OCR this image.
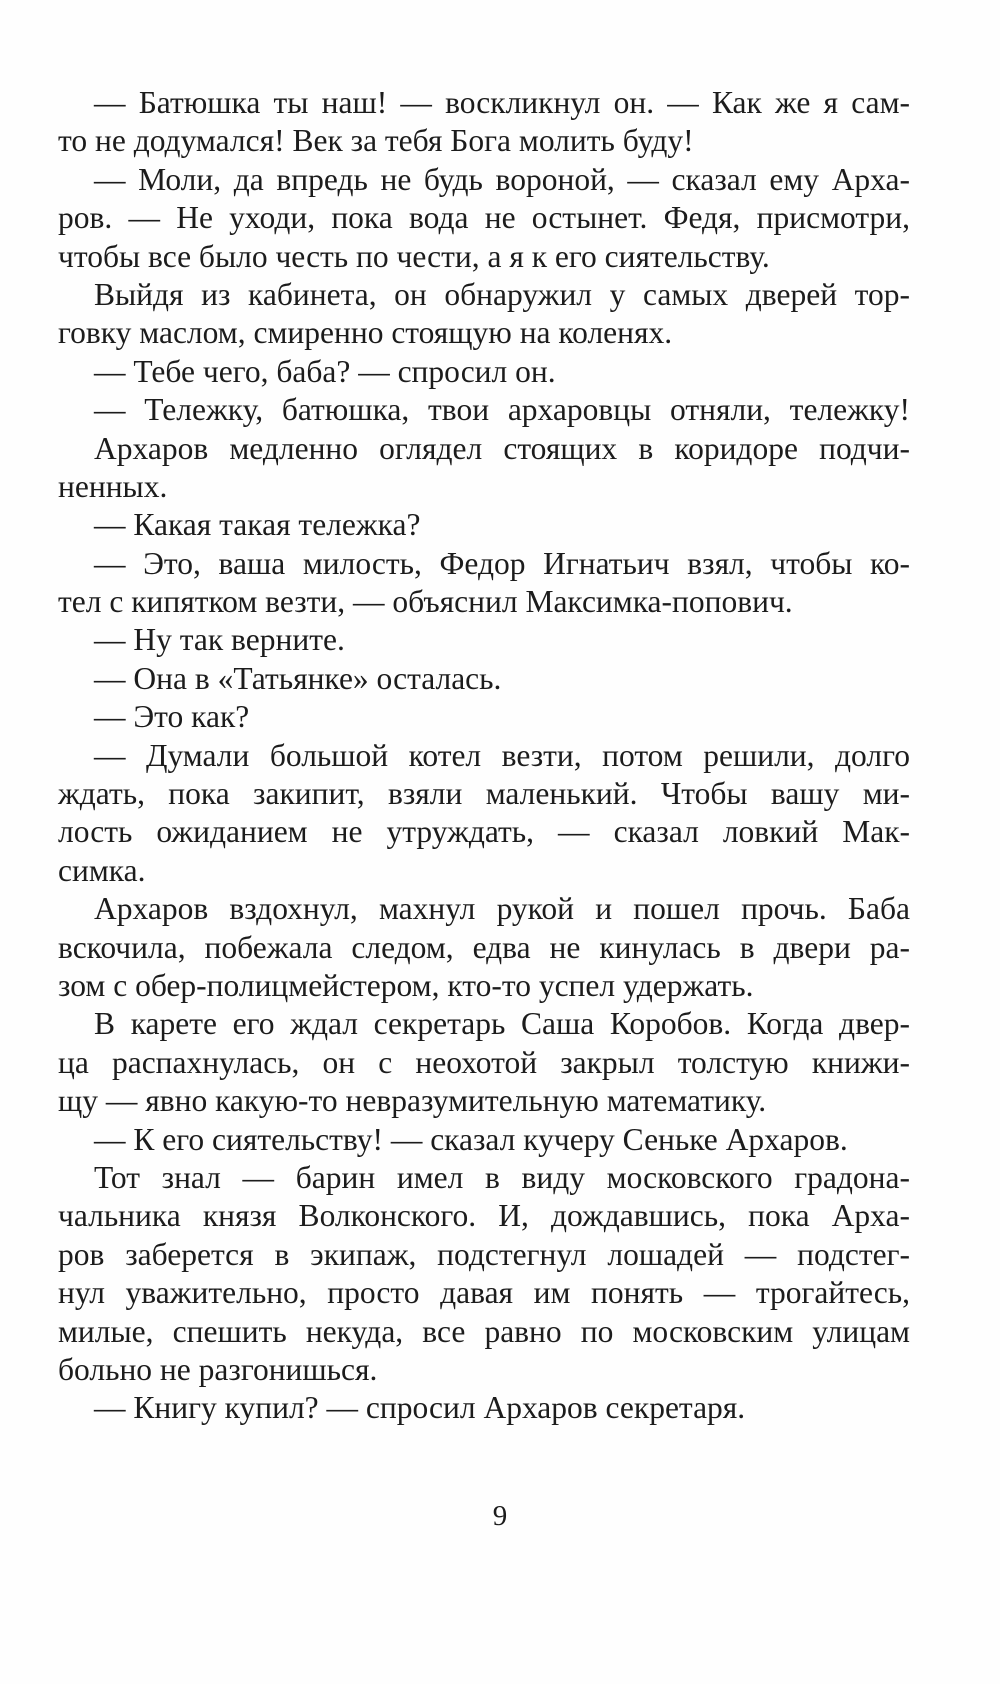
— Батюшка ты наш! — воскликнул он. — Как же я сам-
то не додумался! Век за тебя Бога молить буду!
— Моли, да впредь не будь вороной, — сказал ему Арха-
ров. — Не уходи, пока вода не остынет. Федя, присмотри,
чтобы все было честь по чести, а я к его сиятельству.
Выйдя из кабинета, он обнаружил у самых дверей тор-
говку маслом, смиренно стоящую на коленях.
— Тебе чего, баба? — спросил он.
— Тележку, батюшка, твои архаровцы отняли, тележку!
Архаров медленно оглядел стоящих в коридоре подчи-
ненных.
— Какая такая тележка?
— Это, ваша милость, Федор Игнатьич взял, чтобы ко-
тел с кипятком везти, — объяснил Максимка-попович.
— Ну так верните.
— Она в «Татьянке» осталась.
— Это как?
— Думали большой котел везти, потом решили, долго
ждать, пока закипит, взяли маленький. Чтобы вашу ми-
лость ожиданием не утруждать, — сказал ловкий Мак-
симка.
Архаров вздохнул, махнул рукой и пошел прочь. Баба
вскочила, побежала следом, едва не кинулась в двери ра-
зом с обер-полицмейстером, кто-то успел удержать.
В карете его ждал секретарь Саша Коробов. Когда двер-
ца распахнулась, он с неохотой закрыл толстую книжи-
щу — явно какую-то невразумительную математику.
— К его сиятельству! — сказал кучеру Сеньке Архаров.
Тот знал — барин имел в виду московского градона-
чальника князя Волконского. И, дождавшись, пока Арха-
ров заберется в экипаж, подстегнул лошадей — подстег-
нул уважительно, просто давая им понять — трогайтесь,
милые, спешить некуда, все равно по московским улицам
больно не разгонишься.
— Книгу купил? — спросил Архаров секретаря.
9
